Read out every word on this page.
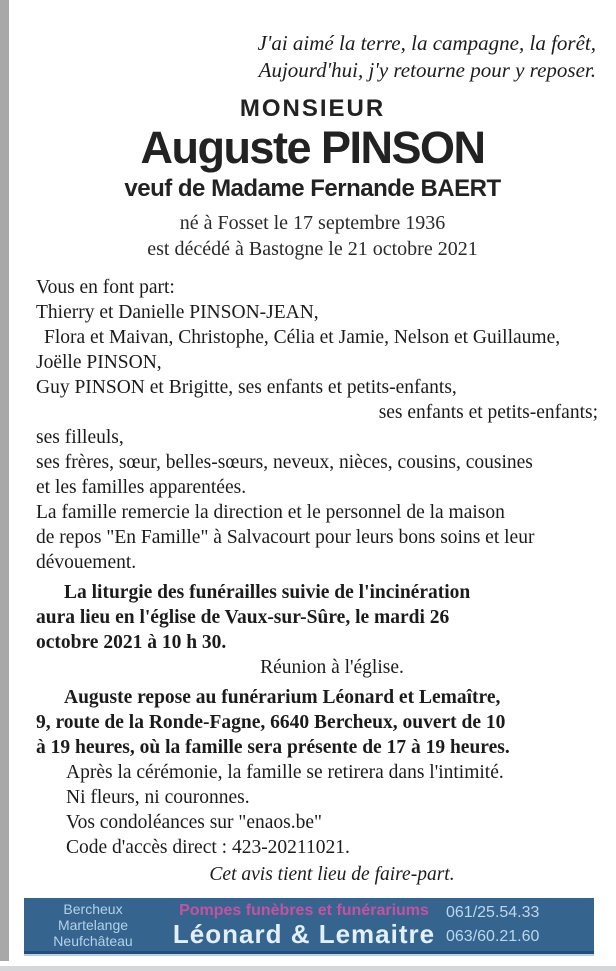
J'ai aimé la terre, la campagne, la forêt,
Aujourd'hui, j'y retourne pour y reposer.
MONSIEUR
Auguste PINSON
veuf de Madame Fernande BAERT
né à Fosset le 17 septembre 1936
est décédé à Bastogne le 21 octobre 2021
Vous en font part:
Thierry et Danielle PINSON-JEAN,
Flora et Maivan, Christophe, Célia et Jamie, Nelson et Guillaume,
Joëlle PINSON,
Guy PINSON et Brigitte, ses enfants et petits-enfants,
ses enfants et petits-enfants;
ses filleuls,
ses frères, sœur, belles-sœurs, neveux, nièces, cousins, cousines
et les familles apparentées.
La famille remercie la direction et le personnel de la maison
de repos "En Famille" à Salvacourt pour leurs bons soins et leur
dévouement.
La liturgie des funérailles suivie de l'incinération
aura lieu en l'église de Vaux-sur-Sûre, le mardi 26
octobre 2021 à 10 h 30.
Réunion à l'église.
Auguste repose au funérarium Léonard et Lemaître,
9, route de la Ronde-Fagne, 6640 Bercheux, ouvert de 10
à 19 heures, où la famille sera présente de 17 à 19 heures.
Après la cérémonie, la famille se retirera dans l'intimité.
Ni fleurs, ni couronnes.
Vos condoléances sur "enaos.be"
Code d'accès direct : 423-20211021.
Cet avis tient lieu de faire-part.
Bercheux
Martelange
Neufchâteau
Pompes funèbres et funérariums
Léonard & Lemaitre
061/25.54.33
063/60.21.60
